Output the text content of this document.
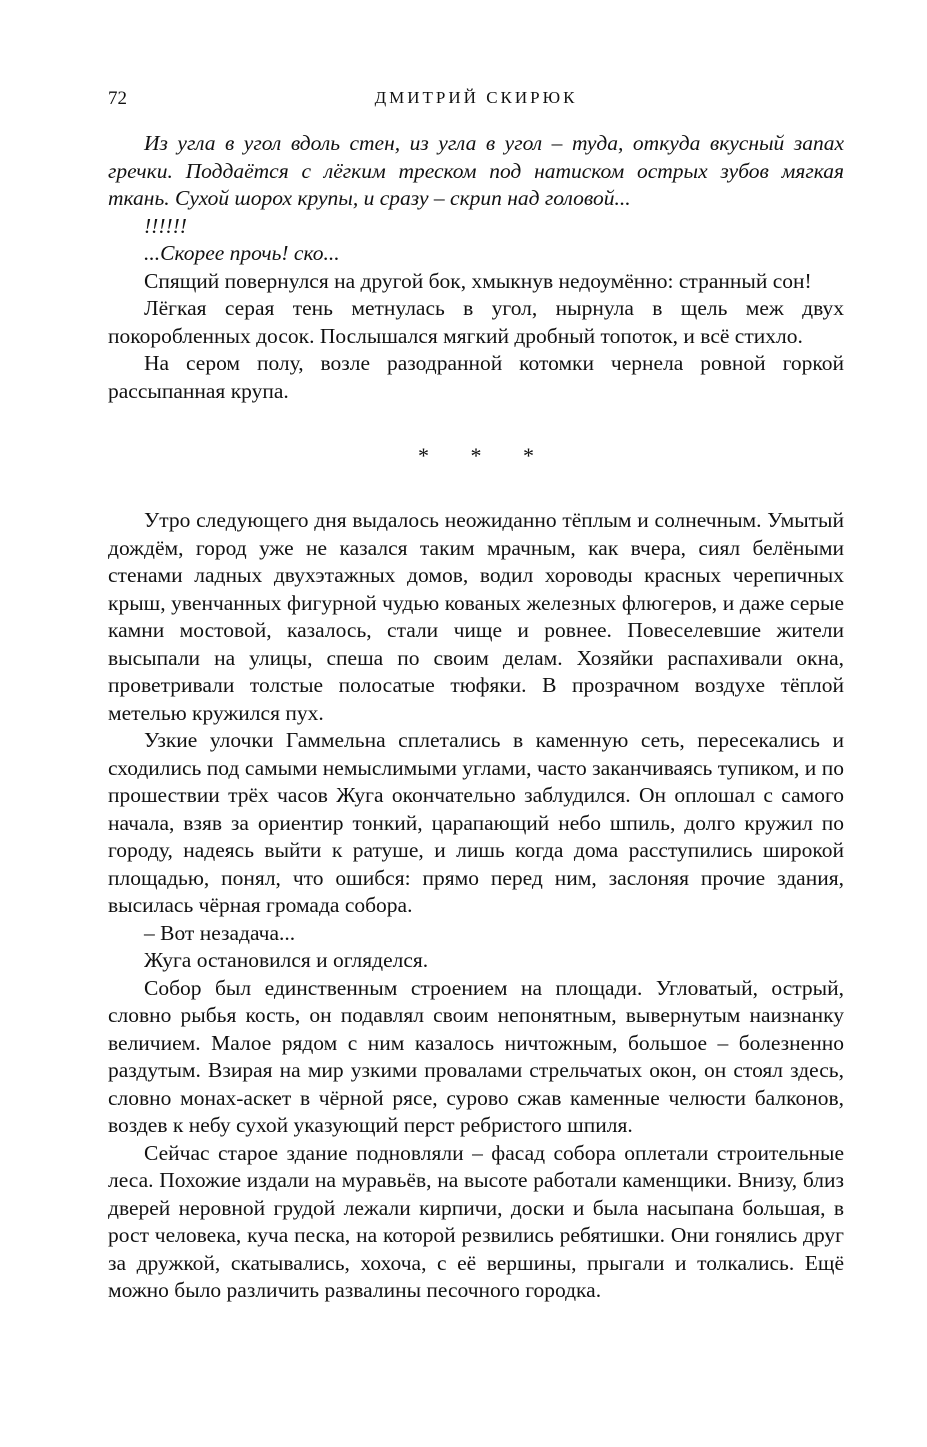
72	ДМИТРИЙ СКИРЮК

Из угла в угол вдоль стен, из угла в угол – туда, откуда вкусный запах гречки. Поддаётся с лёгким треском под натиском острых зубов мягкая ткань. Сухой шорох крупы, и сразу – скрип над головой...

!!!!!!

...Скорее прочь! ско...

Спящий повернулся на другой бок, хмыкнув недоумённо: странный сон!

Лёгкая серая тень метнулась в угол, нырнула в щель меж двух покоробленных досок. Послышался мягкий дробный топоток, и всё стихло.

На сером полу, возле разодранной котомки чернела ровной горкой рассыпанная крупа.

* * *

Утро следующего дня выдалось неожиданно тёплым и солнечным. Умытый дождём, город уже не казался таким мрачным, как вчера, сиял белёными стенами ладных двухэтажных домов, водил хороводы красных черепичных крыш, увенчанных фигурной чудью кованых железных флюгеров, и даже серые камни мостовой, казалось, стали чище и ровнее. Повеселевшие жители высыпали на улицы, спеша по своим делам. Хозяйки распахивали окна, проветривали толстые полосатые тюфяки. В прозрачном воздухе тёплой метелью кружился пух.

Узкие улочки Гаммельна сплетались в каменную сеть, пересекались и сходились под самыми немыслимыми углами, часто заканчиваясь тупиком, и по прошествии трёх часов Жуга окончательно заблудился. Он оплошал с самого начала, взяв за ориентир тонкий, царапающий небо шпиль, долго кружил по городу, надеясь выйти к ратуше, и лишь когда дома расступились широкой площадью, понял, что ошибся: прямо перед ним, заслоняя прочие здания, высилась чёрная громада собора.

– Вот незадача...

Жуга остановился и огляделся.

Собор был единственным строением на площади. Угловатый, острый, словно рыбья кость, он подавлял своим непонятным, вывернутым наизнанку величием. Малое рядом с ним казалось ничтожным, большое – болезненно раздутым. Взирая на мир узкими провалами стрельчатых окон, он стоял здесь, словно монах-аскет в чёрной рясе, сурово сжав каменные челюсти балконов, воздев к небу сухой указующий перст ребристого шпиля.

Сейчас старое здание подновляли – фасад собора оплетали строительные леса. Похожие издали на муравьёв, на высоте работали каменщики. Внизу, близ дверей неровной грудой лежали кирпичи, доски и была насыпана большая, в рост человека, куча песка, на которой резвились ребятишки. Они гонялись друг за дружкой, скатывались, хохоча, с её вершины, прыгали и толкались. Ещё можно было различить развалины песочного городка.
